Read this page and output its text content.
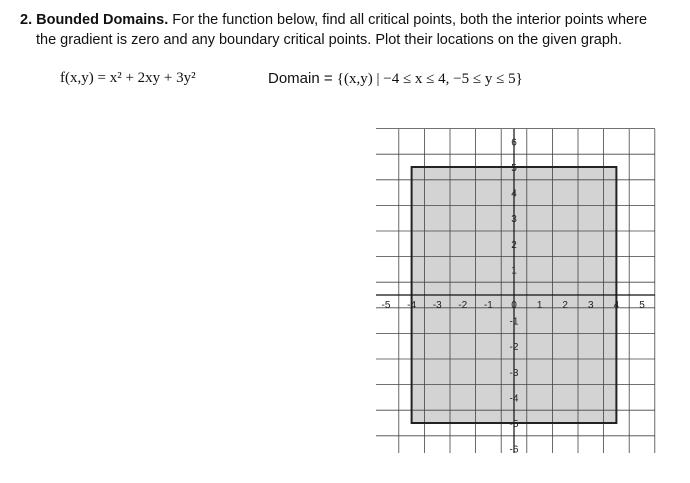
2. Bounded Domains. For the function below, find all critical points, both the interior points where
the gradient is zero and any boundary critical points. Plot their locations on the given graph.
f(x,y) = x² + 2xy + 3y²	Domain = {(x,y) | −4 ≤ x ≤ 4, −5 ≤ y ≤ 5}
-5 -4 -3 -2 -1 0 1 2 3 4 5
6
5
4
3
2
1
-1
-2
-3
-4
-5
-6
